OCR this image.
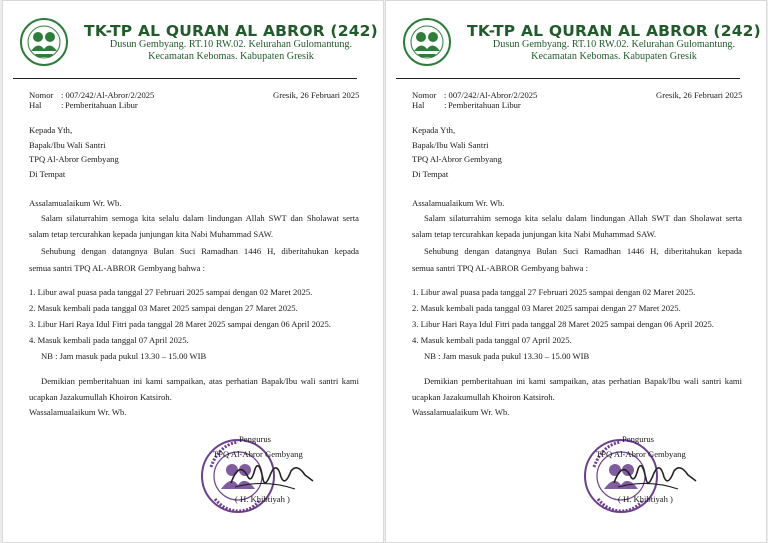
TK-TP AL QURAN AL ABROR (242)
Dusun Gembyang. RT.10 RW.02. Kelurahan Gulomantung.
Kecamatan Kebomas. Kabupaten Gresik
Nomor : 007/242/Al-Abror/2/2025	Gresik, 26 Februari 2025
Hal : Pemberitahuan Libur
Kepada Yth,
Bapak/Ibu Wali Santri
TPQ Al-Abror Gembyang
Di Tempat
Assalamualaikum Wr. Wb.
Salam silaturrahim semoga kita selalu dalam lindungan Allah SWT dan Sholawat serta
salam tetap tercurahkan kepada junjungan kita Nabi Muhammad SAW.
Sehubung dengan datangnya Bulan Suci Ramadhan 1446 H, diberitahukan kepada
semua santri TPQ AL-ABROR Gembyang bahwa :
1. Libur awal puasa pada tanggal 27 Februari 2025 sampai dengan 02 Maret 2025.
2. Masuk kembali pada tanggal 03 Maret 2025 sampai dengan 27 Maret 2025.
3. Libur Hari Raya Idul Fitri pada tanggal 28 Maret 2025 sampai dengan 06 April 2025.
4. Masuk kembali pada tanggal 07 April 2025.
NB : Jam masuk pada pukul 13.30 – 15.00 WIB
Demikian pemberitahuan ini kami sampaikan, atas perhatian Bapak/Ibu wali santri kami
ucapkan Jazakumullah Khoiron Katsiroh.
Wassalamualaikum Wr. Wb.
Pengurus
TPQ Al-Abror Gembyang
( H. Khibtiyah )
TK-TP AL QURAN AL ABROR (242)
Dusun Gembyang. RT.10 RW.02. Kelurahan Gulomantung.
Kecamatan Kebomas. Kabupaten Gresik
Nomor : 007/242/Al-Abror/2/2025	Gresik, 26 Februari 2025
Hal : Pemberitahuan Libur
Kepada Yth,
Bapak/Ibu Wali Santri
TPQ Al-Abror Gembyang
Di Tempat
Assalamualaikum Wr. Wb.
Salam silaturrahim semoga kita selalu dalam lindungan Allah SWT dan Sholawat serta
salam tetap tercurahkan kepada junjungan kita Nabi Muhammad SAW.
Sehubung dengan datangnya Bulan Suci Ramadhan 1446 H, diberitahukan kepada
semua santri TPQ AL-ABROR Gembyang bahwa :
1. Libur awal puasa pada tanggal 27 Februari 2025 sampai dengan 02 Maret 2025.
2. Masuk kembali pada tanggal 03 Maret 2025 sampai dengan 27 Maret 2025.
3. Libur Hari Raya Idul Fitri pada tanggal 28 Maret 2025 sampai dengan 06 April 2025.
4. Masuk kembali pada tanggal 07 April 2025.
NB : Jam masuk pada pukul 13.30 – 15.00 WIB
Demikian pemberitahuan ini kami sampaikan, atas perhatian Bapak/Ibu wali santri kami
ucapkan Jazakumullah Khoiron Katsiroh.
Wassalamualaikum Wr. Wb.
Pengurus
TPQ Al-Abror Gembyang
( H. Khibtiyah )
